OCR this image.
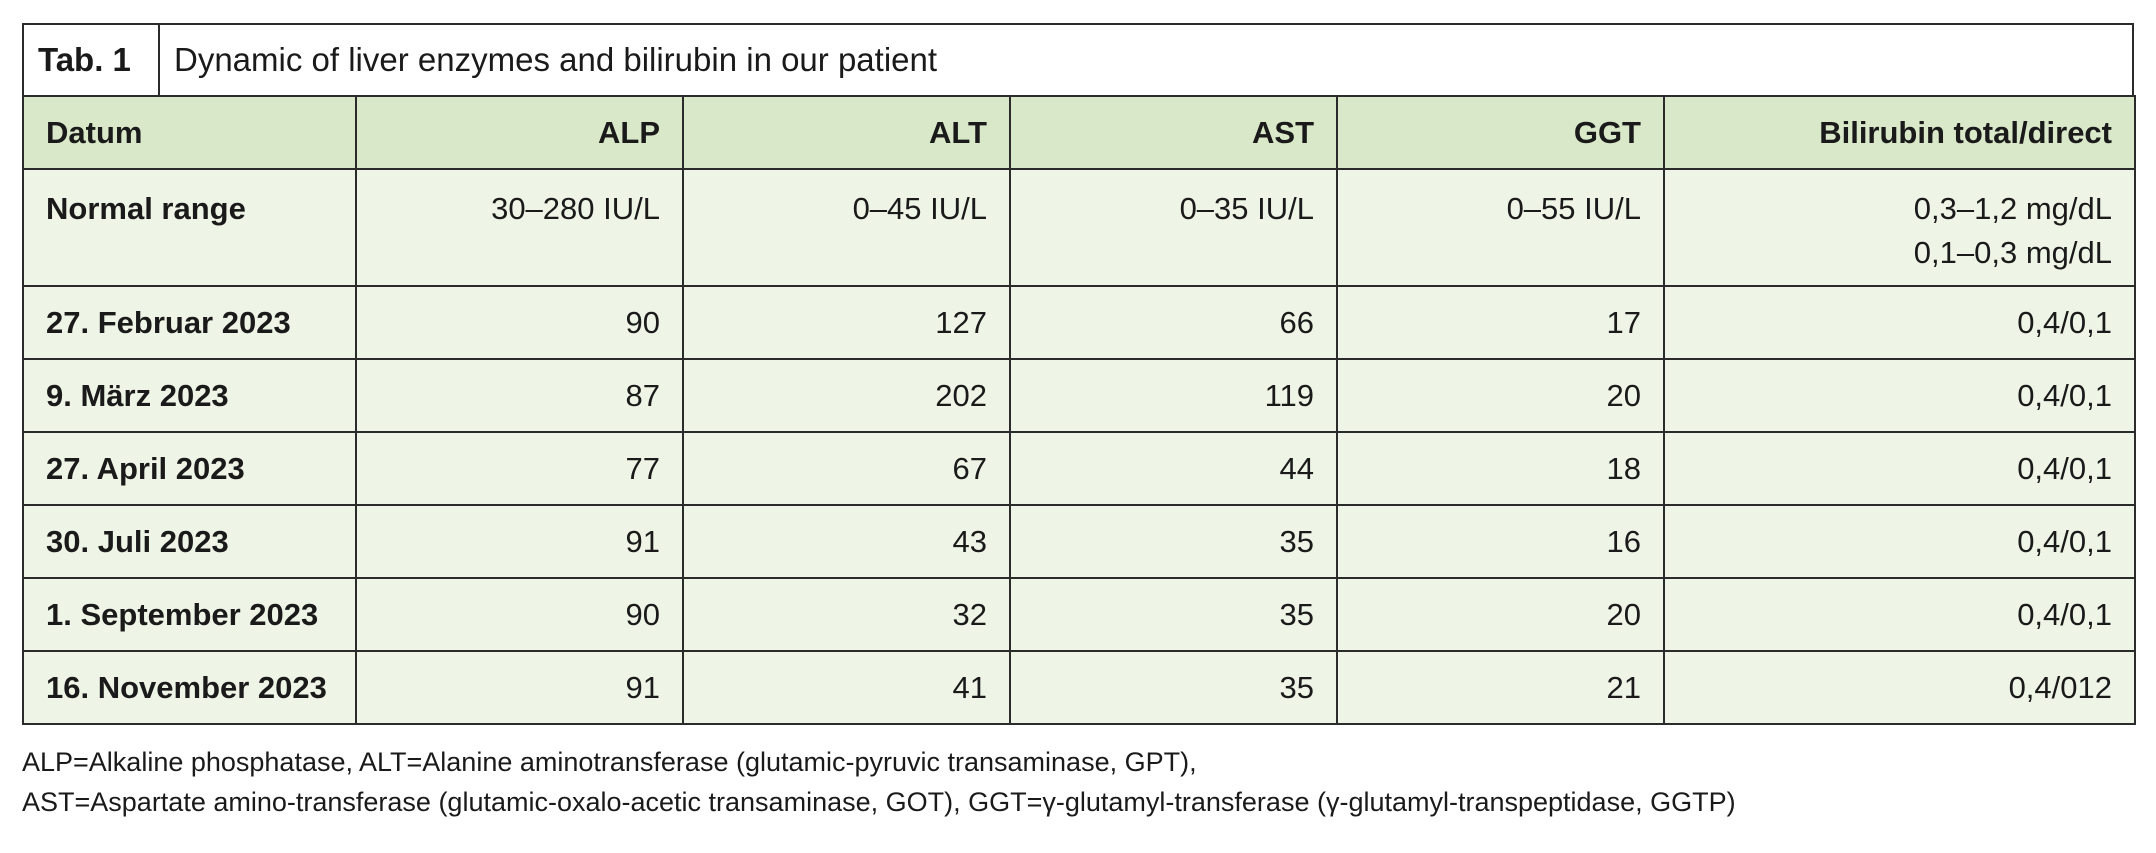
Tab. 1	Dynamic of liver enzymes and bilirubin in our patient
Datum	ALP	ALT	AST	GGT	Bilirubin total/direct
Normal range	30–280 IU/L	0–45 IU/L	0–35 IU/L	0–55 IU/L	0,3–1,2 mg/dL
0,1–0,3 mg/dL

27. Februar 2023	90	127	66	17	0,4/0,1
9. März 2023	87	202	119	20	0,4/0,1
27. April 2023	77	67	44	18	0,4/0,1
30. Juli 2023	91	43	35	16	0,4/0,1
1. September 2023	90	32	35	20	0,4/0,1
16. November 2023	91	41	35	21	0,4/012
ALP=Alkaline phosphatase, ALT=Alanine aminotransferase (glutamic-pyruvic transaminase, GPT),
AST=Aspartate amino-transferase (glutamic-oxalo-acetic transaminase, GOT), GGT=γ-glutamyl-transferase (γ-glutamyl-transpeptidase, GGTP)
